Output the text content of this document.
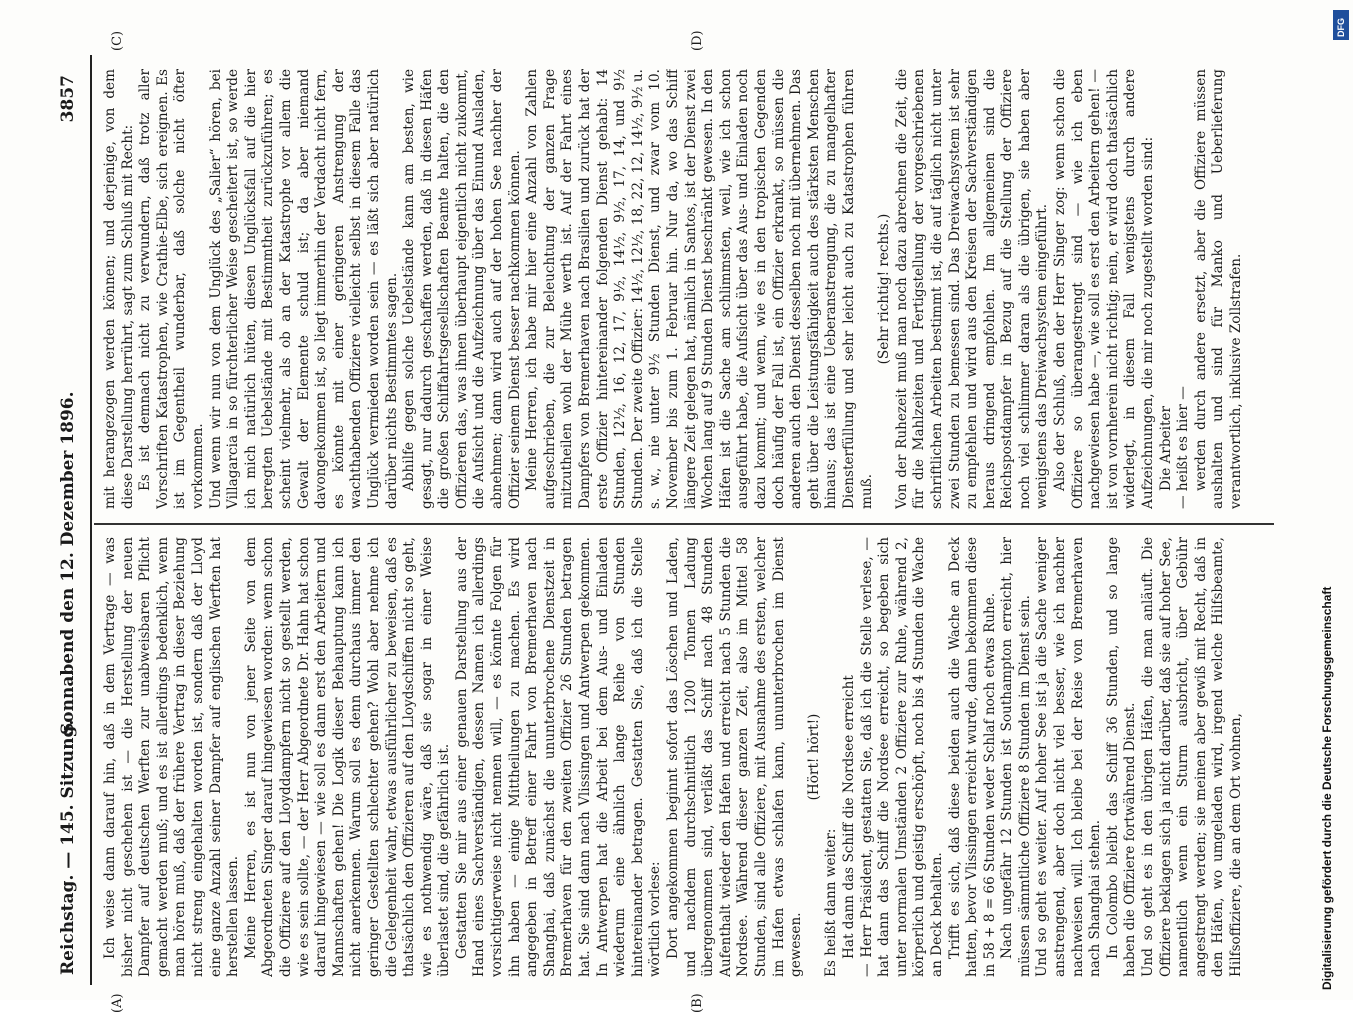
Reichstag. — 145. Sitzung.
Sonnabend den 12. Dezember 1896.
3857
(A)	(B)
(C)	(D)

Ich weise dann darauf hin, daß in dem Vertrage — was bisher nicht geschehen ist — die Herstellung der neuen Dampfer auf deutschen Werften zur unabweisbaren Pflicht gemacht werden muß; und es ist allerdings bedenklich, wenn man hören muß, daß der frühere Vertrag in dieser Beziehung nicht streng eingehalten worden ist, sondern daß der Lloyd eine ganze Anzahl seiner Dampfer auf englischen Werften hat herstellen lassen. Meine Herren, es ist nun von jener Seite von dem Abgeordneten Singer darauf hingewiesen worden: wenn schon die Offiziere auf den Lloyddampfern nicht so gestellt werden, wie es sein sollte, — der Herr Abgeordnete Dr. Hahn hat schon darauf hingewiesen — wie soll es dann erst den Arbeitern und Mannschaften gehen! Die Logik dieser Behauptung kann ich nicht anerkennen. Warum soll es denn durchaus immer den geringer Gestellten schlechter gehen? Wohl aber nehme ich die Gelegenheit wahr, etwas ausführlicher zu beweisen, daß es thatsächlich den Offizieren auf den Lloydschiffen nicht so geht, wie es nothwendig wäre, daß sie sogar in einer Weise überlastet sind, die gefährlich ist. Gestatten Sie mir aus einer genauen Darstellung aus der Hand eines Sachverständigen, dessen Namen ich allerdings vorsichtigerweise nicht nennen will, — es könnte Folgen für ihn haben — einige Mittheilungen zu machen. Es wird angegeben in Betreff einer Fahrt von Bremerhaven nach Shanghai, daß zunächst die ununterbrochene Dienstzeit in Bremerhaven für den zweiten Offizier 26 Stunden betragen hat. Sie sind dann nach Vlissingen und Antwerpen gekommen. In Antwerpen hat die Arbeit bei dem Aus- und Einladen wiederum eine ähnlich lange Reihe von Stunden hintereinander betragen. Gestatten Sie, daß ich die Stelle wörtlich vorlese: Dort angekommen beginnt sofort das Löschen und Laden, und nachdem durchschnittlich 1200 Tonnen Ladung übergenommen sind, verläßt das Schiff nach 48 Stunden Aufenthalt wieder den Hafen und erreicht nach 5 Stunden die Nordsee. Während dieser ganzen Zeit, also im Mittel 58 Stunden, sind alle Offiziere, mit Ausnahme des ersten, welcher im Hafen etwas schlafen kann, ununterbrochen im Dienst gewesen.

(Hört! hört!)

Es heißt dann weiter: Hat dann das Schiff die Nordsee erreicht — Herr Präsident, gestatten Sie, daß ich die Stelle verlese, — hat dann das Schiff die Nordsee erreicht, so begeben sich unter normalen Umständen 2 Offiziere zur Ruhe, während 2, körperlich und geistig erschöpft, noch bis 4 Stunden die Wache an Deck behalten. Trifft es sich, daß diese beiden auch die Wache an Deck hatten, bevor Vlissingen erreicht wurde, dann bekommen diese in 58 + 8 = 66 Stunden weder Schlaf noch etwas Ruhe. Nach ungefähr 12 Stunden ist Southampton erreicht, hier müssen sämmtliche Offiziere 8 Stunden im Dienst sein. Und so geht es weiter. Auf hoher See ist ja die Sache weniger anstrengend, aber doch nicht viel besser, wie ich nachher nachweisen will. Ich bleibe bei der Reise von Bremerhaven nach Shanghai stehen. In Colombo bleibt das Schiff 36 Stunden, und so lange haben die Offiziere fortwährend Dienst. Und so geht es in den übrigen Häfen, die man anläuft. Die Offiziere beklagen sich ja nicht darüber, daß sie auf hoher See, namentlich wenn ein Sturm ausbricht, über Gebühr angestrengt werden; sie meinen aber gewiß mit Recht, daß in den Häfen, wo umgeladen wird, irgend welche Hilfsbeamte, Hilfsoffiziere, die an dem Ort wohnen,

mit herangezogen werden können; und derjenige, von dem diese Darstellung herrührt, sagt zum Schluß mit Recht: Es ist demnach nicht zu verwundern, daß trotz aller Vorschriften Katastrophen, wie Crathie-Elbe, sich ereignen. Es ist im Gegentheil wunderbar, daß solche nicht öfter vorkommen. Und wenn wir nun von dem Unglück des „Salier“ hören, bei Villagarcia in so fürchterlicher Weise gescheitert ist, so werde ich mich natürlich hüten, diesen Unglücksfall auf die hier beregten Uebelstände mit Bestimmtheit zurückzuführen; es scheint vielmehr, als ob an der Katastrophe vor allem die Gewalt der Elemente schuld ist; da aber niemand davongekommen ist, so liegt immerhin der Verdacht nicht fern, es könnte mit einer geringeren Anstrengung der wachthabenden Offiziere vielleicht selbst in diesem Falle das Unglück vermieden worden sein — es läßt sich aber natürlich darüber nichts Bestimmtes sagen. Abhilfe gegen solche Uebelstände kann am besten, wie gesagt, nur dadurch geschaffen werden, daß in diesen Häfen die großen Schiffahrtsgesellschaften Beamte halten, die den Offizieren das, was ihnen überhaupt eigentlich nicht zukommt, die Aufsicht und die Aufzeichnung über das Einund Ausladen, abnehmen; dann wird auch auf der hohen See nachher der Offizier seinem Dienst besser nachkommen können. Meine Herren, ich habe mir hier eine Anzahl von Zahlen aufgeschrieben, die zur Beleuchtung der ganzen Frage mitzutheilen wohl der Mühe werth ist. Auf der Fahrt eines Dampfers von Bremerhaven nach Brasilien und zurück hat der erste Offizier hintereinander folgenden Dienst gehabt: 14 Stunden, 12½, 16, 12, 17, 9½, 14½, 9½, 17, 14, und 9½ Stunden. Der zweite Offizier: 14½, 12½, 18, 22, 12, 14½, 9½ u. s. w., nie unter 9½ Stunden Dienst, und zwar vom 10. November bis zum 1. Februar hin. Nur da, wo das Schiff längere Zeit gelegen hat, nämlich in Santos, ist der Dienst zwei Wochen lang auf 9 Stunden Dienst beschränkt gewesen. In den Häfen ist die Sache am schlimmsten, weil, wie ich schon ausgeführt habe, die Aufsicht über das Aus- und Einladen noch dazu kommt; und wenn, wie es in den tropischen Gegenden doch häufig der Fall ist, ein Offizier erkrankt, so müssen die anderen auch den Dienst desselben noch mit übernehmen. Das geht über die Leistungsfähigkeit auch des stärksten Menschen hinaus; das ist eine Ueberanstrengung, die zu mangelhafter Diensterfüllung und sehr leicht auch zu Katastrophen führen muß.

(Sehr richtig! rechts.) Von der Ruhezeit muß man noch dazu abrechnen die Zeit, die für die Mahlzeiten und Fertigstellung der vorgeschriebenen schriftlichen Arbeiten bestimmt ist, die auf täglich nicht unter zwei Stunden zu bemessen sind. Das Dreiwachsystem ist sehr zu empfehlen und wird aus den Kreisen der Sachverständigen heraus dringend empfohlen. Im allgemeinen sind die Reichspostdampfer in Bezug auf die Stellung der Offiziere noch viel schlimmer daran als die übrigen, sie haben aber wenigstens das Dreiwachsystem eingeführt. Also der Schluß, den der Herr Singer zog: wenn schon die Offiziere so überangestrengt sind — wie ich eben nachgewiesen habe —, wie soll es erst den Arbeitern gehen! — ist von vornherein nicht richtig; nein, er wird doch thatsächlich widerlegt, in diesem Fall wenigstens durch andere Aufzeichnungen, die mir noch zugestellt worden sind: Die Arbeiter — heißt es hier — werden durch andere ersetzt, aber die Offiziere müssen aushalten und sind für Manko und Ueberlieferung verantwortlich, inklusive Zollstrafen.

Digitalisierung gefördert durch die Deutsche Forschungsgemeinschaft
DFG
